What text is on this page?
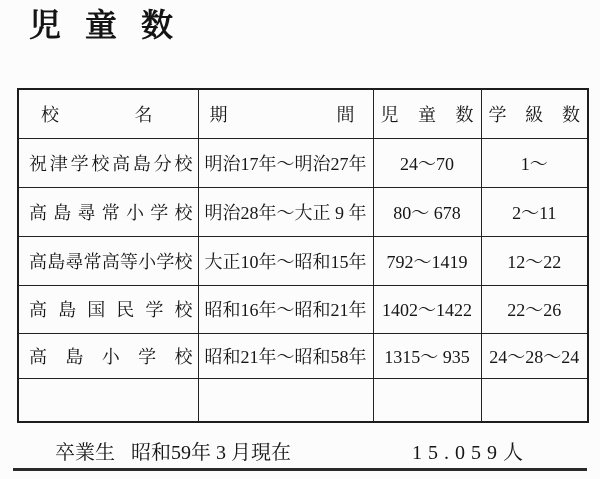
児童数
校 名	期 間	児 童 数	学 級 数

祝 津 学 校 高 島 分 校	明治17年～明治27年	24～70	1～

高 島 尋 常 小 学 校	明治28年～大正 9 年	80～ 678	2～11

高 島 尋 常 高 等 小 学 校	大正10年～昭和15年	792～1419	12～22

高 島 国 民 学 校	昭和16年～昭和21年	1402～1422	22～26

高 島 小 学 校	昭和21年～昭和58年	1315～ 935	24～28～24

卒業生 昭和59年 3 月現在	15.059人
